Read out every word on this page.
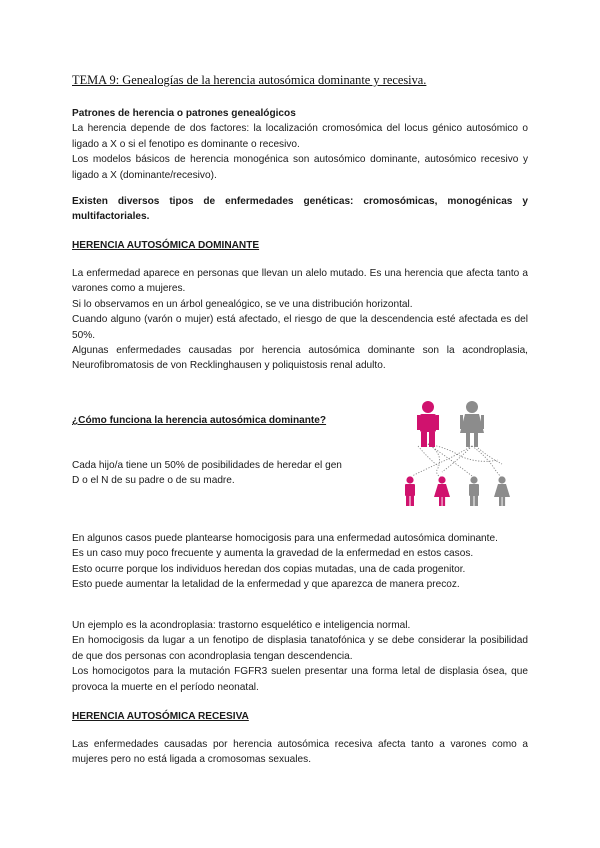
TEMA 9: Genealogías de la herencia autosómica dominante y recesiva.

Patrones de herencia o patrones genealógicos

La herencia depende de dos factores: la localización cromosómica del locus génico autosómico o ligado a X o si el fenotipo es dominante o recesivo.

Los modelos básicos de herencia monogénica son autosómico dominante, autosómico recesivo y ligado a X (dominante/recesivo).

Existen diversos tipos de enfermedades genéticas: cromosómicas, monogénicas y multifactoriales.

HERENCIA AUTOSÓMICA DOMINANTE

La enfermedad aparece en personas que llevan un alelo mutado. Es una herencia que afecta tanto a varones como a mujeres.

Si lo observamos en un árbol genealógico, se ve una distribución horizontal.

Cuando alguno (varón o mujer) está afectado, el riesgo de que la descendencia esté afectada es del 50%.

Algunas enfermedades causadas por herencia autosómica dominante son la acondroplasia, Neurofibromatosis de von Recklinghausen y poliquistosis renal adulto.

¿Cómo funciona la herencia autosómica dominante?

Cada hijo/a tiene un 50% de posibilidades de heredar el gen

D o el N de su padre o de su madre.

En algunos casos puede plantearse homocigosis para una enfermedad autosómica dominante.

Es un caso muy poco frecuente y aumenta la gravedad de la enfermedad en estos casos.

Esto ocurre porque los individuos heredan dos copias mutadas, una de cada progenitor.

Esto puede aumentar la letalidad de la enfermedad y que aparezca de manera precoz.

Un ejemplo es la acondroplasia: trastorno esquelético e inteligencia normal.

En homocigosis da lugar a un fenotipo de displasia tanatofónica y se debe considerar la posibilidad de que dos personas con acondroplasia tengan descendencia.

Los homocigotos para la mutación FGFR3 suelen presentar una forma letal de displasia ósea, que provoca la muerte en el período neonatal.

HERENCIA AUTOSÓMICA RECESIVA

Las enfermedades causadas por herencia autosómica recesiva afecta tanto a varones como a mujeres pero no está ligada a cromosomas sexuales.
